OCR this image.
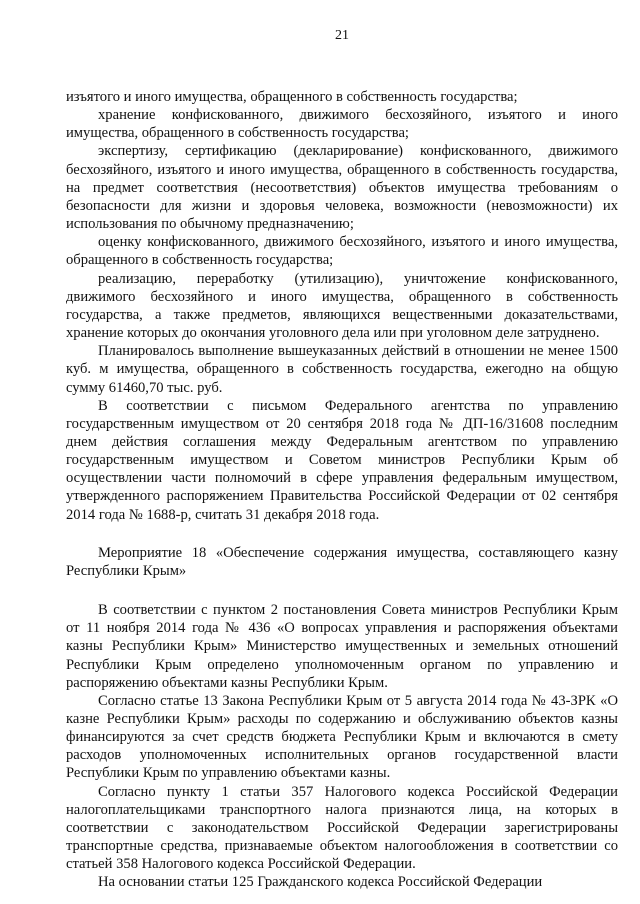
21

изъятого и иного имущества, обращенного в собственность государства;

хранение конфискованного, движимого бесхозяйного, изъятого и иного имущества, обращенного в собственность государства;

экспертизу, сертификацию (декларирование) конфискованного, движимого бесхозяйного, изъятого и иного имущества, обращенного в собственность государства, на предмет соответствия (несоответствия) объектов имущества требованиям о безопасности для жизни и здоровья человека, возможности (невозможности) их использования по обычному предназначению;

оценку конфискованного, движимого бесхозяйного, изъятого и иного имущества, обращенного в собственность государства;

реализацию, переработку (утилизацию), уничтожение конфискованного, движимого бесхозяйного и иного имущества, обращенного в собственность государства, а также предметов, являющихся вещественными доказательствами, хранение которых до окончания уголовного дела или при уголовном деле затруднено.

Планировалось выполнение вышеуказанных действий в отношении не менее 1500 куб. м имущества, обращенного в собственность государства, ежегодно на общую сумму 61460,70 тыс. руб.

В соответствии с письмом Федерального агентства по управлению государственным имуществом от 20 сентября 2018 года № ДП-16/31608 последним днем действия соглашения между Федеральным агентством по управлению государственным имуществом и Советом министров Республики Крым об осуществлении части полномочий в сфере управления федеральным имуществом, утвержденного распоряжением Правительства Российской Федерации от 02 сентября 2014 года № 1688-р, считать 31 декабря 2018 года.

Мероприятие 18 «Обеспечение содержания имущества, составляющего казну Республики Крым»

В соответствии с пунктом 2 постановления Совета министров Республики Крым от 11 ноября 2014 года № 436 «О вопросах управления и распоряжения объектами казны Республики Крым» Министерство имущественных и земельных отношений Республики Крым определено уполномоченным органом по управлению и распоряжению объектами казны Республики Крым.

Согласно статье 13 Закона Республики Крым от 5 августа 2014 года № 43-ЗРК «О казне Республики Крым» расходы по содержанию и обслуживанию объектов казны финансируются за счет средств бюджета Республики Крым и включаются в смету расходов уполномоченных исполнительных органов государственной власти Республики Крым по управлению объектами казны.

Согласно пункту 1 статьи 357 Налогового кодекса Российской Федерации налогоплательщиками транспортного налога признаются лица, на которых в соответствии с законодательством Российской Федерации зарегистрированы транспортные средства, признаваемые объектом налогообложения в соответствии со статьей 358 Налогового кодекса Российской Федерации.

На основании статьи 125 Гражданского кодекса Российской Федерации
